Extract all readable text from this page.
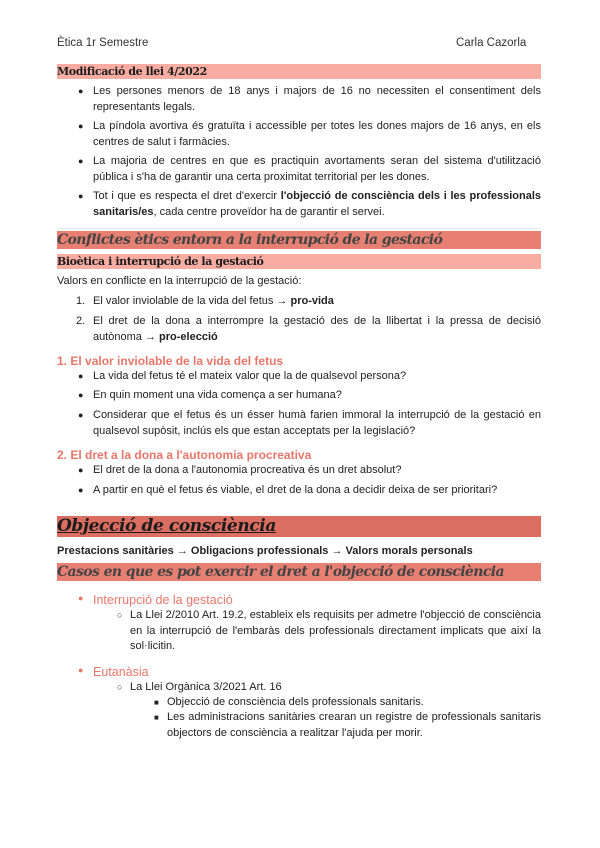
Ètica 1r Semestre	Carla Cazorla
Modificació de llei 4/2022
● Les persones menors de 18 anys i majors de 16 no necessiten el consentiment dels representants legals.
● La píndola avortiva és gratuïta i accessible per totes les dones majors de 16 anys, en els centres de salut i farmàcies.
● La majoria de centres en que es practiquin avortaments seran del sistema d'utilització pública i s'ha de garantir una certa proximitat territorial per les dones.
● Tot i que es respecta el dret d'exercir l'objecció de consciència dels i les professionals sanitaris/es, cada centre proveïdor ha de garantir el servei.
Conflictes ètics entorn a la interrupció de la gestació
Bioètica i interrupció de la gestació
Valors en conflicte en la interrupció de la gestació:
1. El valor inviolable de la vida del fetus → pro-vida
2. El dret de la dona a interrompre la gestació des de la llibertat i la pressa de decisió autònoma → pro-elecció
1. El valor inviolable de la vida del fetus
● La vida del fetus té el mateix valor que la de qualsevol persona?
● En quin moment una vida comença a ser humana?
● Considerar que el fetus és un ésser humà farien immoral la interrupció de la gestació en qualsevol supòsit, inclús els que estan acceptats per la legislació?
2. El dret a la dona a l'autonomia procreativa
● El dret de la dona a l'autonomia procreativa és un dret absolut?
● A partir en què el fetus és viable, el dret de la dona a decidir deixa de ser prioritari?
Objecció de consciència
Prestacions sanitàries → Obligacions professionals → Valors morals personals
Casos en que es pot exercir el dret a l'objecció de consciència
● Interrupció de la gestació
○ La Llei 2/2010 Art. 19.2, estableix els requisits per admetre l'objecció de consciència en la interrupció de l'embaràs dels professionals directament implicats que així la sol·licitin.
● Eutanàsia
○ La Llei Orgànica 3/2021 Art. 16
■ Objecció de consciència dels professionals sanitaris.
■ Les administracions sanitàries crearan un registre de professionals sanitaris objectors de consciència a realitzar l'ajuda per morir.
